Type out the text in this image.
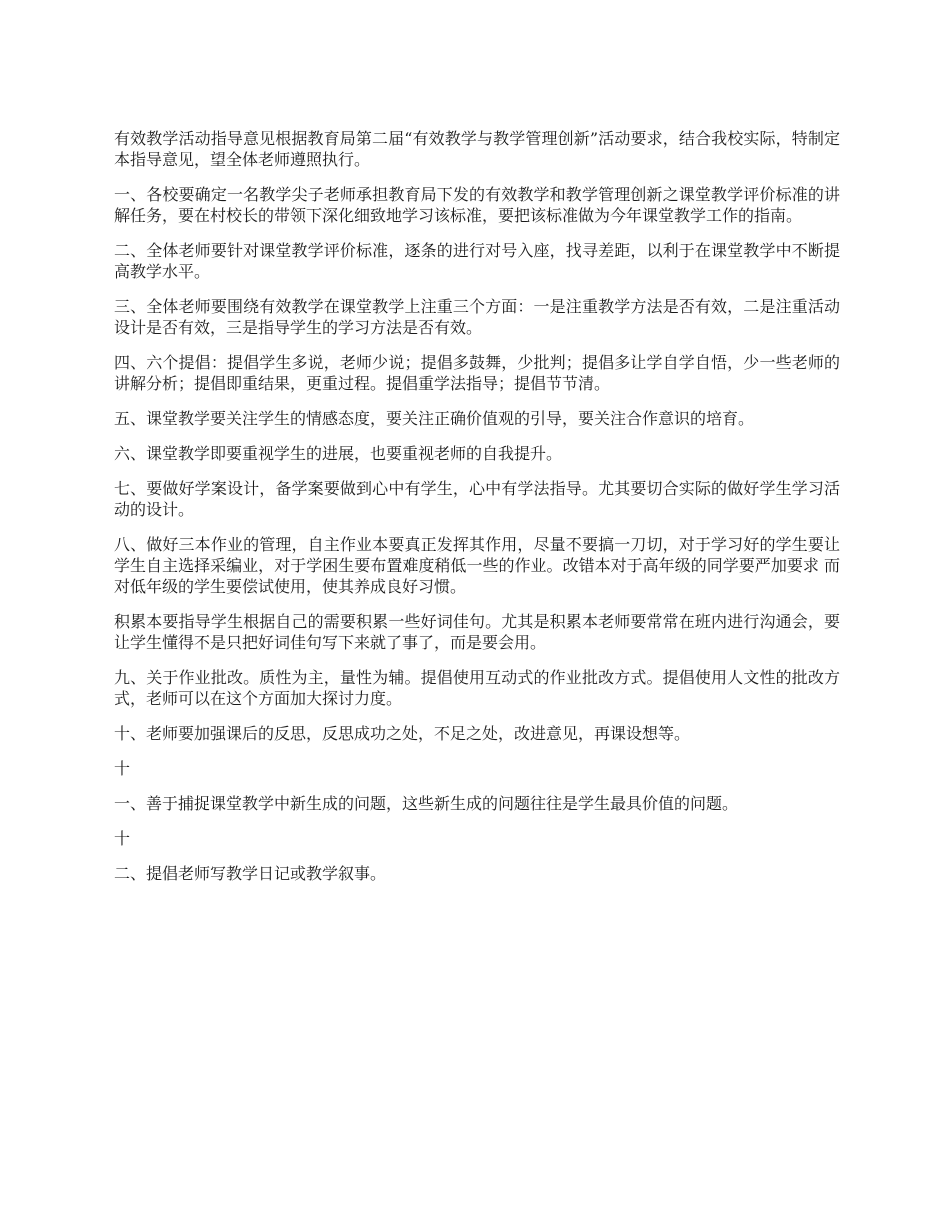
有效教学活动指导意见根据教育局第二届“有效教学与教学管理创新”活动要求，结合我校实际，特制定本指导意见，望全体老师遵照执行。

一、各校要确定一名教学尖子老师承担教育局下发的有效教学和教学管理创新之课堂教学评价标准的讲解任务，要在村校长的带领下深化细致地学习该标准，要把该标准做为今年课堂教学工作的指南。

二、全体老师要针对课堂教学评价标准，逐条的进行对号入座，找寻差距，以利于在课堂教学中不断提高教学水平。

三、全体老师要围绕有效教学在课堂教学上注重三个方面：一是注重教学方法是否有效，二是注重活动设计是否有效，三是指导学生的学习方法是否有效。

四、六个提倡：提倡学生多说，老师少说；提倡多鼓舞，少批判；提倡多让学自学自悟，少一些老师的讲解分析；提倡即重结果，更重过程。提倡重学法指导；提倡节节清。

五、课堂教学要关注学生的情感态度，要关注正确价值观的引导，要关注合作意识的培育。

六、课堂教学即要重视学生的进展，也要重视老师的自我提升。

七、要做好学案设计，备学案要做到心中有学生，心中有学法指导。尤其要切合实际的做好学生学习活动的设计。

八、做好三本作业的管理，自主作业本要真正发挥其作用，尽量不要搞一刀切，对于学习好的学生要让学生自主选择采编业，对于学困生要布置难度稍低一些的作业。改错本对于高年级的同学要严加要求 而对低年级的学生要偿试使用，使其养成良好习惯。

积累本要指导学生根据自己的需要积累一些好词佳句。尤其是积累本老师要常常在班内进行沟通会，要让学生懂得不是只把好词佳句写下来就了事了，而是要会用。

九、关于作业批改。质性为主，量性为辅。提倡使用互动式的作业批改方式。提倡使用人文性的批改方式，老师可以在这个方面加大探讨力度。

十、老师要加强课后的反思，反思成功之处，不足之处，改进意见，再课设想等。

十

一、善于捕捉课堂教学中新生成的问题，这些新生成的问题往往是学生最具价值的问题。

十

二、提倡老师写教学日记或教学叙事。
